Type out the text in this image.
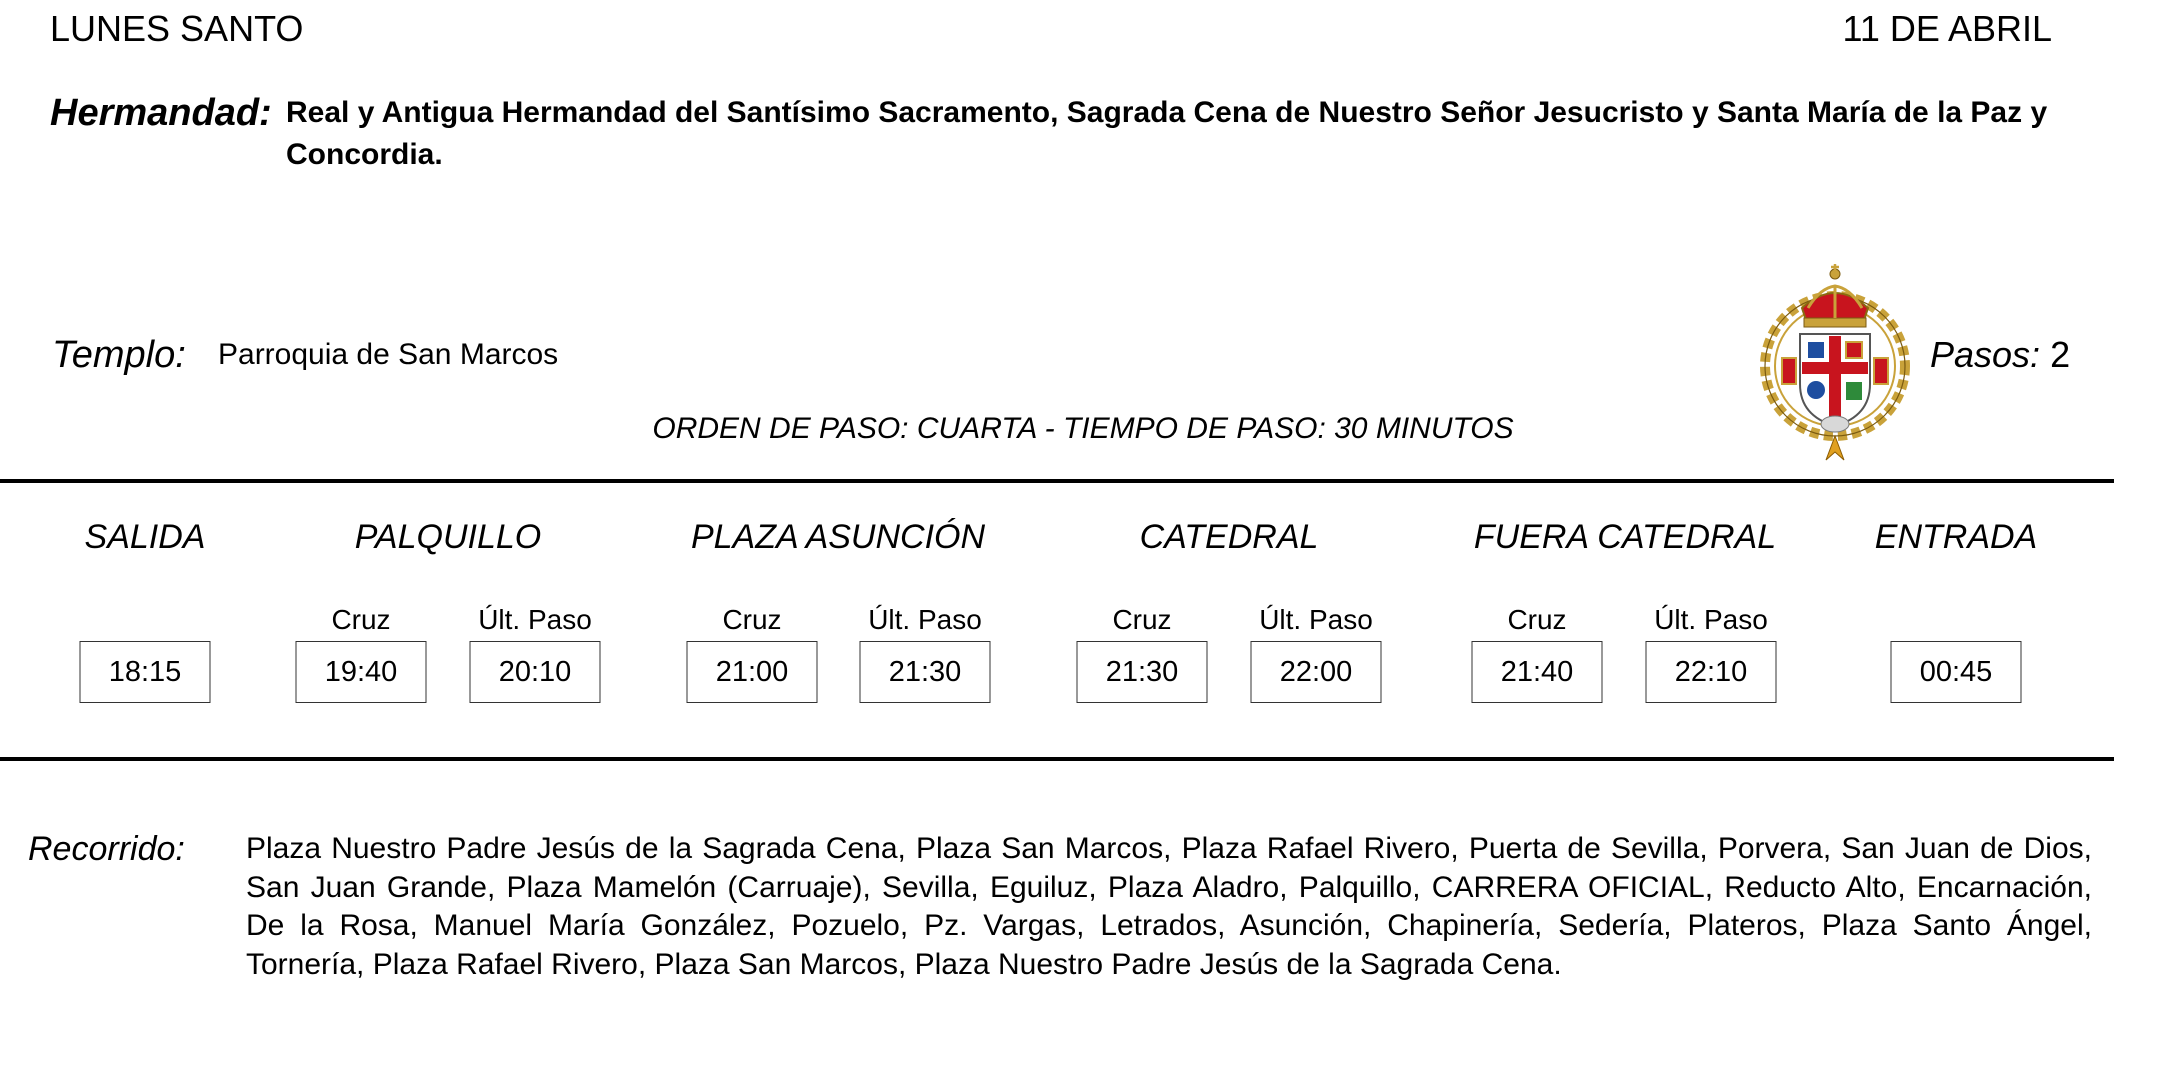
LUNES SANTO	11 DE ABRIL
Hermandad: Real y Antigua Hermandad del Santísimo Sacramento, Sagrada Cena de Nuestro Señor Jesucristo y Santa María de la Paz y Concordia.
Templo: Parroquia de San Marcos
ORDEN DE PASO: CUARTA - TIEMPO DE PASO: 30 MINUTOS
Pasos: 2
SALIDA
18:15
PALQUILLO
Cruz	Últ. Paso
19:40	20:10
PLAZA ASUNCIÓN
Cruz	Últ. Paso
21:00	21:30
CATEDRAL
Cruz	Últ. Paso
21:30	22:00
FUERA CATEDRAL
Cruz	Últ. Paso
21:40	22:10
ENTRADA
00:45
Recorrido: Plaza Nuestro Padre Jesús de la Sagrada Cena, Plaza San Marcos, Plaza Rafael Rivero, Puerta de Sevilla, Porvera, San Juan de Dios, San Juan Grande, Plaza Mamelón (Carruaje), Sevilla, Eguiluz, Plaza Aladro, Palquillo, CARRERA OFICIAL, Reducto Alto, Encarnación, De la Rosa, Manuel María González, Pozuelo, Pz. Vargas, Letrados, Asunción, Chapinería, Sedería, Plateros, Plaza Santo Ángel, Tornería, Plaza Rafael Rivero, Plaza San Marcos, Plaza Nuestro Padre Jesús de la Sagrada Cena.
